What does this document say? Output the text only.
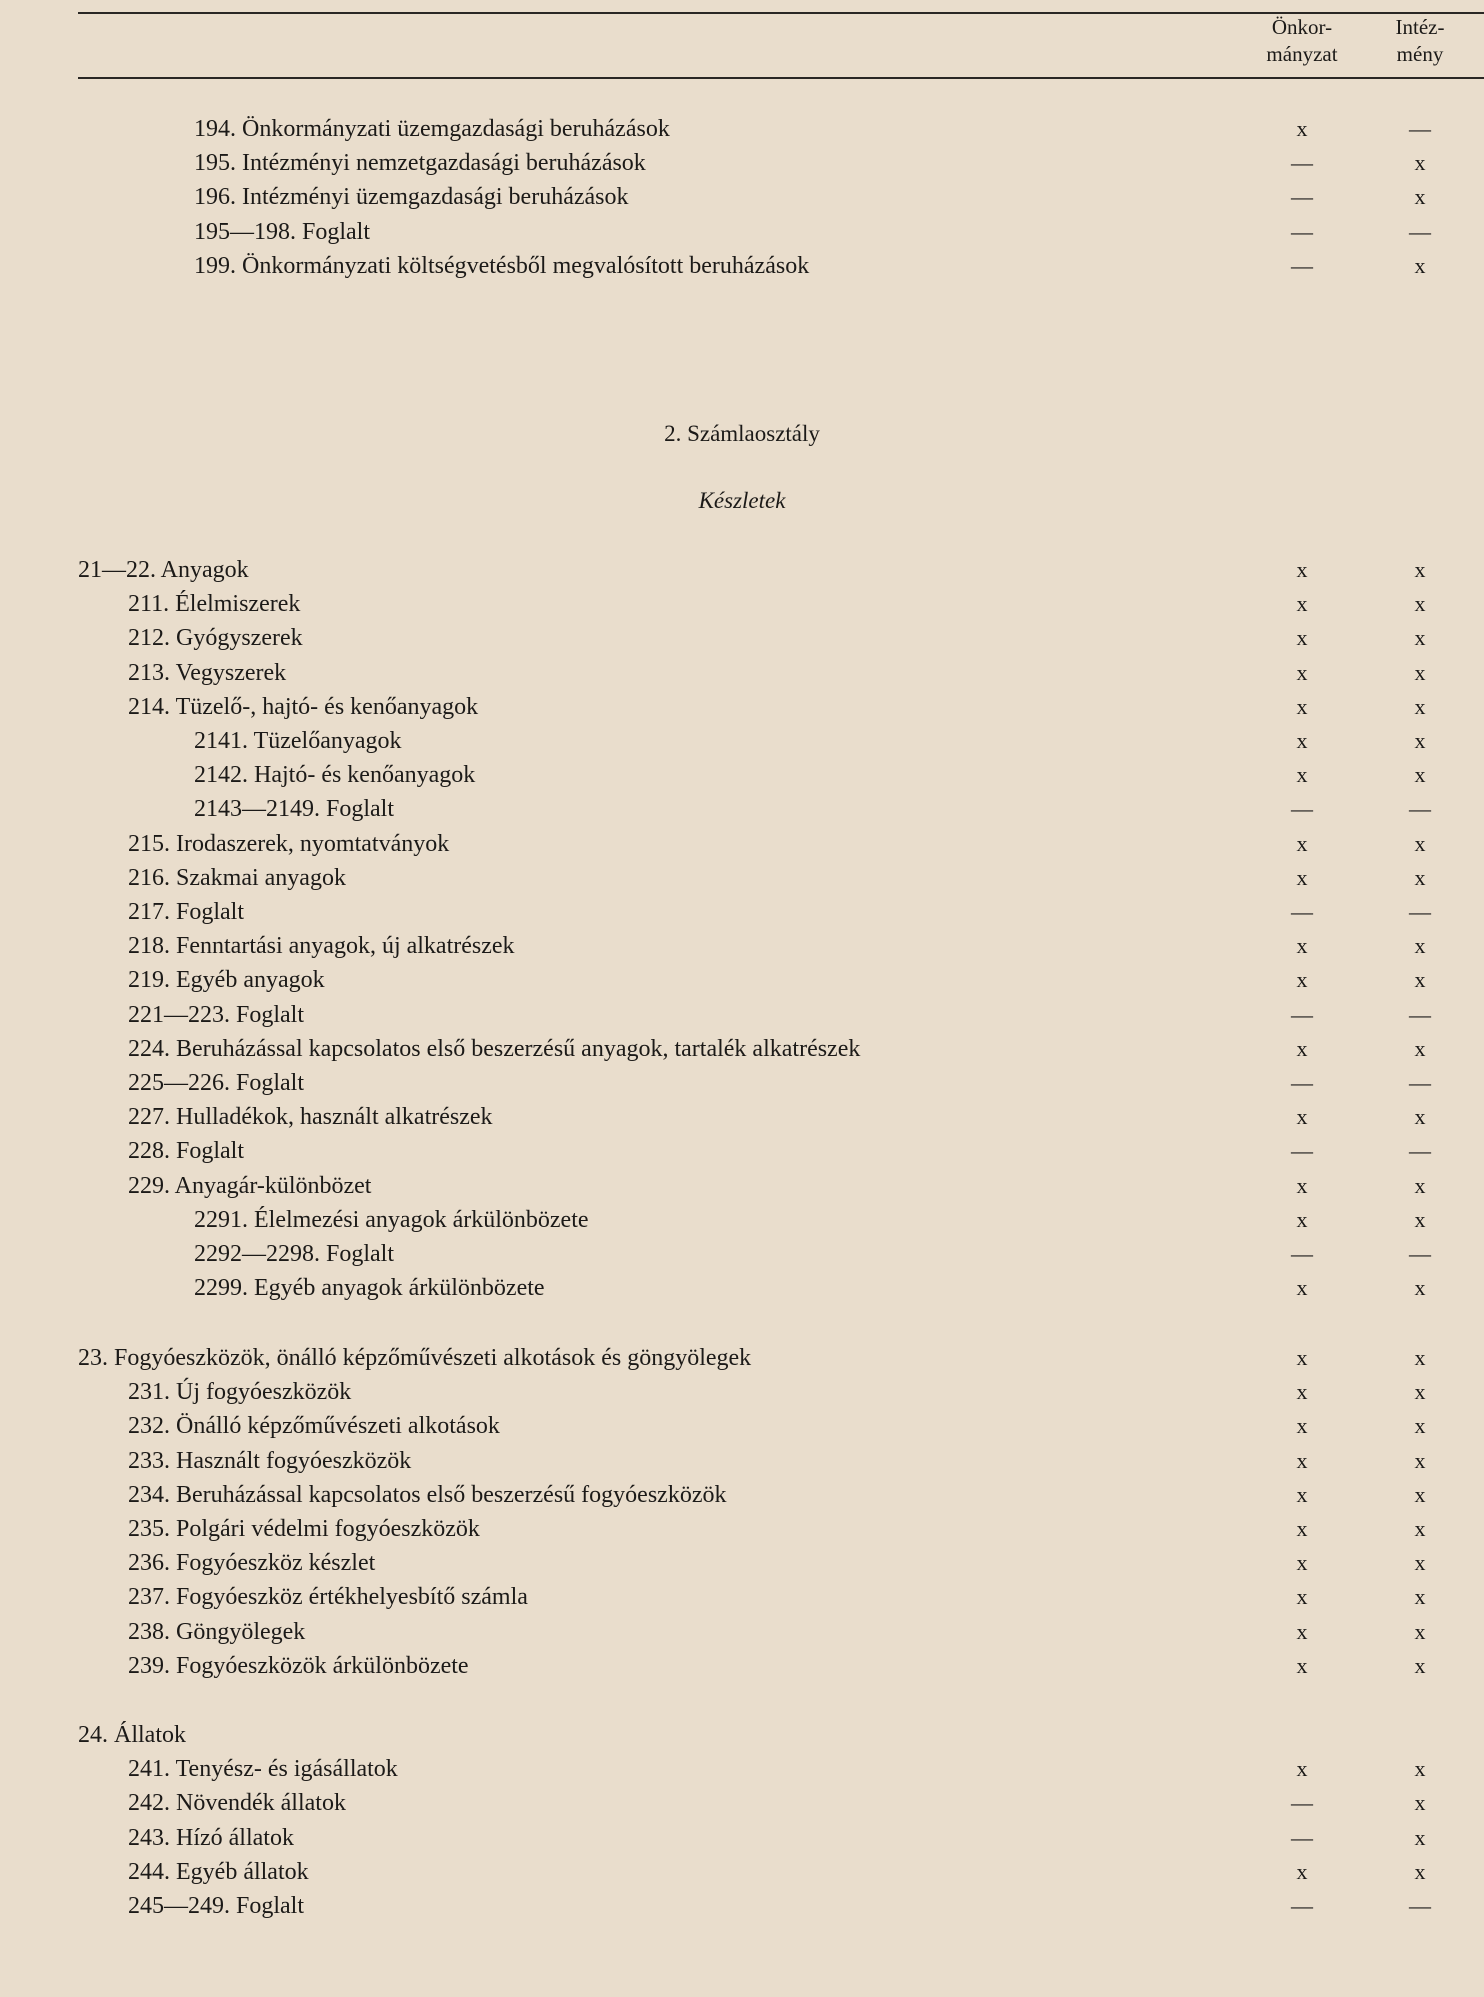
Önkor-
mányzat
Intéz-
mény
194. Önkormányzati üzemgazdasági beruházások	x	—
195. Intézményi nemzetgazdasági beruházások	—	x
196. Intézményi üzemgazdasági beruházások	—	x
195—198. Foglalt	—	—
199. Önkormányzati költségvetésből megvalósított beruházások	—	x
2. Számlaosztály
Készletek
21—22. Anyagok	x	x
211. Élelmiszerek	x	x
212. Gyógyszerek	x	x
213. Vegyszerek	x	x
214. Tüzelő-, hajtó- és kenőanyagok	x	x
2141. Tüzelőanyagok	x	x
2142. Hajtó- és kenőanyagok	x	x
2143—2149. Foglalt	—	—
215. Irodaszerek, nyomtatványok	x	x
216. Szakmai anyagok	x	x
217. Foglalt	—	—
218. Fenntartási anyagok, új alkatrészek	x	x
219. Egyéb anyagok	x	x
221—223. Foglalt	—	—
224. Beruházással kapcsolatos első beszerzésű anyagok, tartalék alkatrészek	x	x
225—226. Foglalt	—	—
227. Hulladékok, használt alkatrészek	x	x
228. Foglalt	—	—
229. Anyagár-különbözet	x	x
2291. Élelmezési anyagok árkülönbözete	x	x
2292—2298. Foglalt	—	—
2299. Egyéb anyagok árkülönbözete	x	x
23. Fogyóeszközök, önálló képzőművészeti alkotások és göngyölegek	x	x
231. Új fogyóeszközök	x	x
232. Önálló képzőművészeti alkotások	x	x
233. Használt fogyóeszközök	x	x
234. Beruházással kapcsolatos első beszerzésű fogyóeszközök	x	x
235. Polgári védelmi fogyóeszközök	x	x
236. Fogyóeszköz készlet	x	x
237. Fogyóeszköz értékhelyesbítő számla	x	x
238. Göngyölegek	x	x
239. Fogyóeszközök árkülönbözete	x	x
24. Állatok
241. Tenyész- és igásállatok	x	x
242. Növendék állatok	—	x
243. Hízó állatok	—	x
244. Egyéb állatok	x	x
245—249. Foglalt	—	—
